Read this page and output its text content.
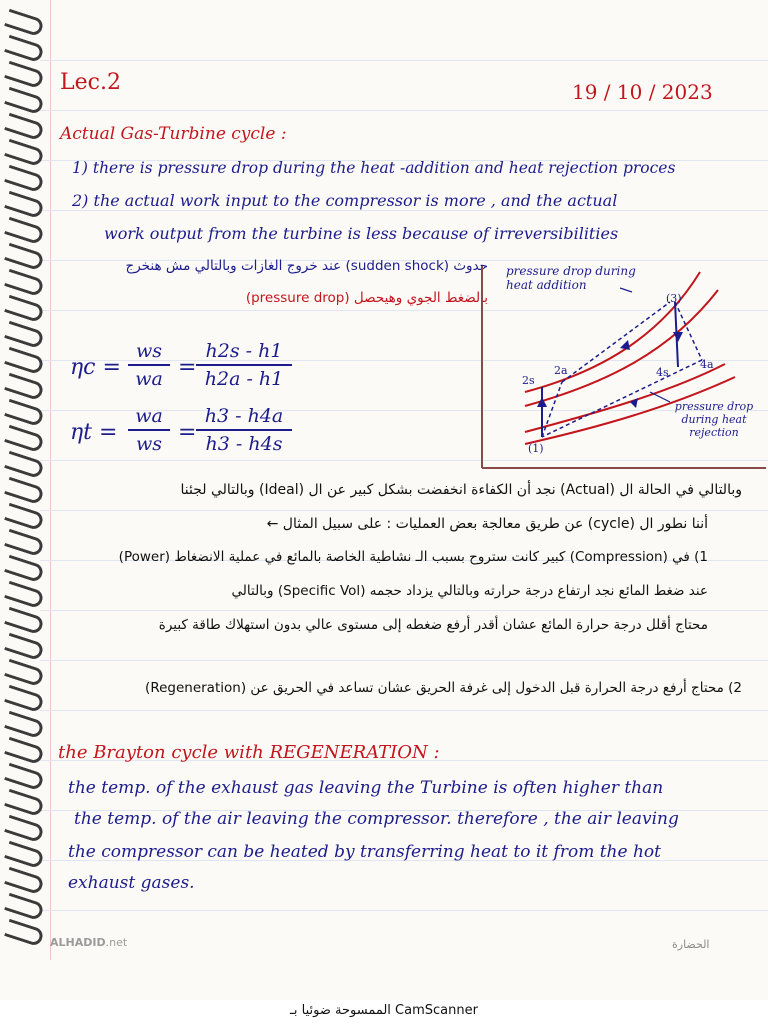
Lec.2	19 / 10 / 2023
Actual Gas-Turbine cycle :
1) there is pressure drop during the heat -addition and heat rejection proces
2) the actual work input to the compressor is more , and the actual
work output from the turbine is less because of irreversibilities
حدوث (sudden shock) عند خروج الغازات وبالتالي مش هنخرج
بالضغط الجوي وهيحصل (pressure drop)
ηc =
ws
wa =
h2s - h1
h2a - h1
ηt =
wa
ws =
h3 - h4a
h3 - h4s	(1)
2s
2a
(3)
4s
4a
pressure drop during heat addition
pressure drop during heat rejection
وبالتالي في الحالة ال (Actual) نجد أن الكفاءة انخفضت بشكل كبير عن ال (Ideal) وبالتالي لجئنا
أننا نطور ال (cycle) عن طريق معالجة بعض العمليات : على سبيل المثال ←
1) في (Compression) كبير كانت ستروح بسبب الـ نشاطية الخاصة بالمائع في عملية الانضغاط (Power)
عند ضغط المائع نجد ارتفاع درجة حرارته وبالتالي يزداد حجمه (Specific Vol) وبالتالي
محتاج أقلل درجة حرارة المائع عشان أقدر أرفع ضغطه إلى مستوى عالي بدون استهلاك طاقة كبيرة
2) محتاج أرفع درجة الحرارة قبل الدخول إلى غرفة الحريق عشان تساعد في الحريق عن (Regeneration)
the Brayton cycle with REGENERATION :
the temp. of the exhaust gas leaving the Turbine is often higher than
the temp. of the air leaving the compressor. therefore , the air leaving
the compressor can be heated by transferring heat to it from the hot
exhaust gases.
ALHADID.net	الحضارة
الممسوحة ضوئيا بـ CamScanner
